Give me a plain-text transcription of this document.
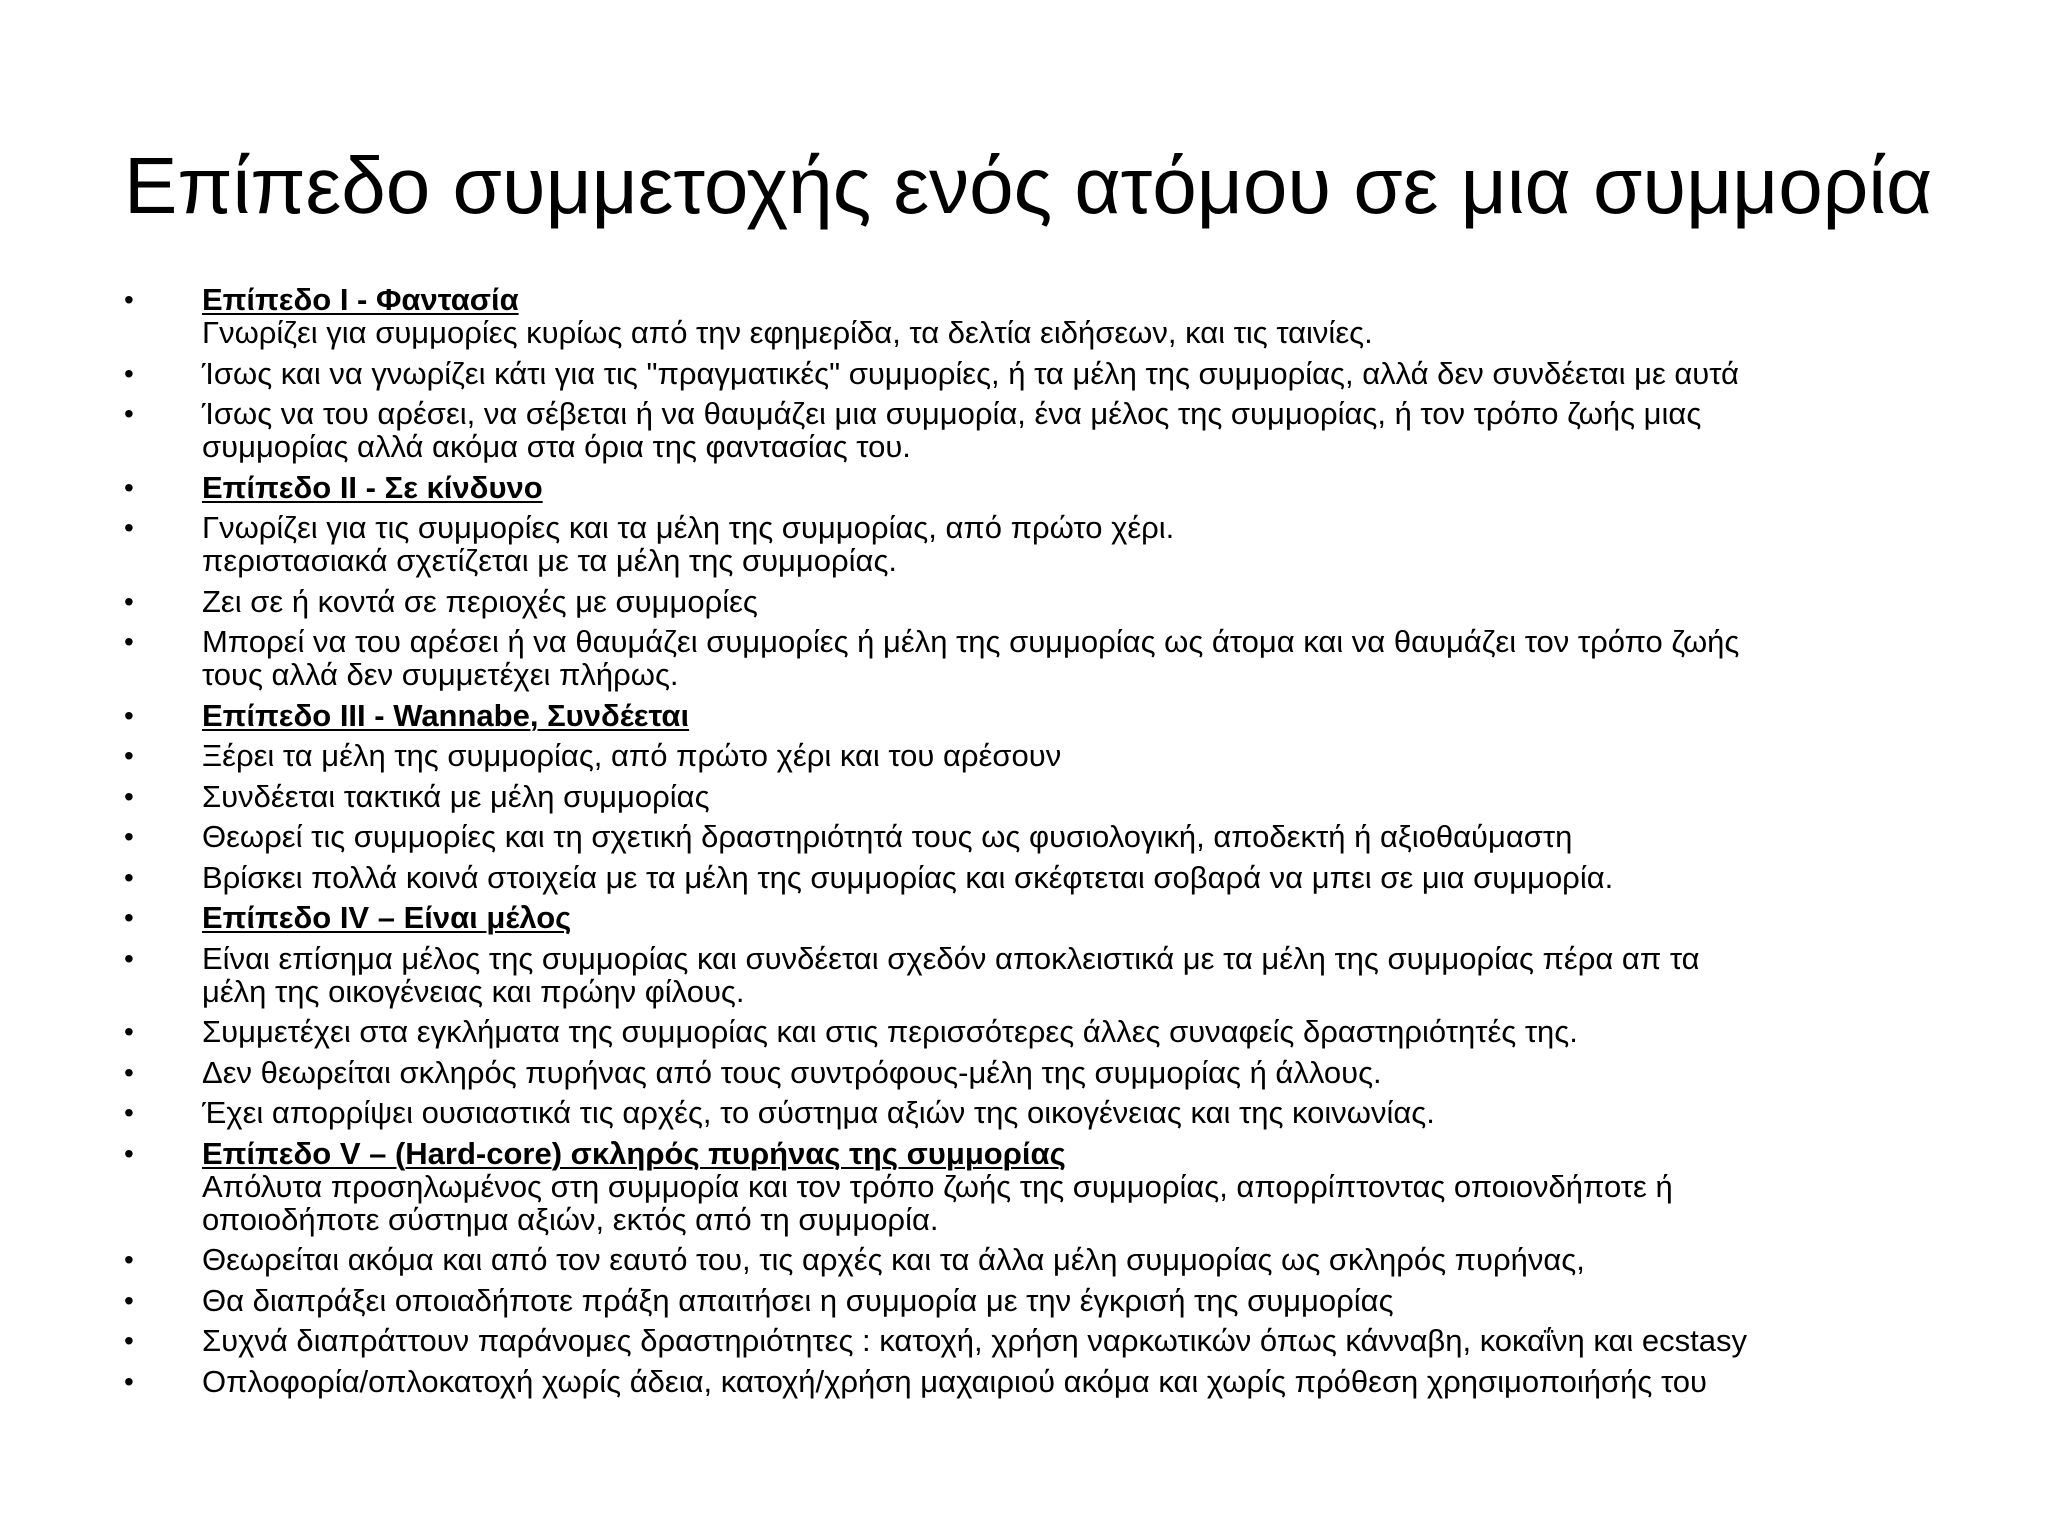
Επίπεδο συμμετοχής ενός ατόμου σε μια συμμορία
•	Επίπεδο Ι - Φαντασία
Γνωρίζει για συμμορίες κυρίως από την εφημερίδα, τα δελτία ειδήσεων, και τις ταινίες.
•	Ίσως και να γνωρίζει κάτι για τις "πραγματικές" συμμορίες, ή τα μέλη της συμμορίας, αλλά δεν συνδέεται με αυτά
•	Ίσως να του αρέσει, να σέβεται ή να θαυμάζει μια συμμορία, ένα μέλος της συμμορίας, ή τον τρόπο ζωής μιας
συμμορίας αλλά ακόμα στα όρια της φαντασίας του.
•	Επίπεδο ΙΙ - Σε κίνδυνο
•	Γνωρίζει για τις συμμορίες και τα μέλη της συμμορίας, από πρώτο χέρι.
περιστασιακά σχετίζεται με τα μέλη της συμμορίας.
•	Ζει σε ή κοντά σε περιοχές με συμμορίες
•	Μπορεί να του αρέσει ή να θαυμάζει συμμορίες ή μέλη της συμμορίας ως άτομα και να θαυμάζει τον τρόπο ζωής
τους αλλά δεν συμμετέχει πλήρως.
•	Επίπεδο ΙΙΙ - Wannabe, Συνδέεται
•	Ξέρει τα μέλη της συμμορίας, από πρώτο χέρι και του αρέσουν
•	Συνδέεται τακτικά με μέλη συμμορίας
•	Θεωρεί τις συμμορίες και τη σχετική δραστηριότητά τους ως φυσιολογική, αποδεκτή ή αξιοθαύμαστη
•	Βρίσκει πολλά κοινά στοιχεία με τα μέλη της συμμορίας και σκέφτεται σοβαρά να μπει σε μια συμμορία.
•	Επίπεδο ΙV – Είναι μέλος
•	Είναι επίσημα μέλος της συμμορίας και συνδέεται σχεδόν αποκλειστικά με τα μέλη της συμμορίας πέρα απ τα
μέλη της οικογένειας και πρώην φίλους.
•	Συμμετέχει στα εγκλήματα της συμμορίας και στις περισσότερες άλλες συναφείς δραστηριότητές της.
•	Δεν θεωρείται σκληρός πυρήνας από τους συντρόφους-μέλη της συμμορίας ή άλλους.
•	Έχει απορρίψει ουσιαστικά τις αρχές, το σύστημα αξιών της οικογένειας και της κοινωνίας.
•	Επίπεδο V – (Hard-core) σκληρός πυρήνας της συμμορίας
Απόλυτα προσηλωμένος στη συμμορία και τον τρόπο ζωής της συμμορίας, απορρίπτοντας οποιονδήποτε ή
οποιοδήποτε σύστημα αξιών, εκτός από τη συμμορία.
•	Θεωρείται ακόμα και από τον εαυτό του, τις αρχές και τα άλλα μέλη συμμορίας ως σκληρός πυρήνας,
•	Θα διαπράξει οποιαδήποτε πράξη απαιτήσει η συμμορία με την έγκρισή της συμμορίας
•	Συχνά διαπράττουν παράνομες δραστηριότητες : κατοχή, χρήση ναρκωτικών όπως κάνναβη, κοκαΐνη και ecstasy
•	Οπλοφορία/οπλοκατοχή χωρίς άδεια, κατοχή/χρήση μαχαιριού ακόμα και χωρίς πρόθεση χρησιμοποιήσής του
